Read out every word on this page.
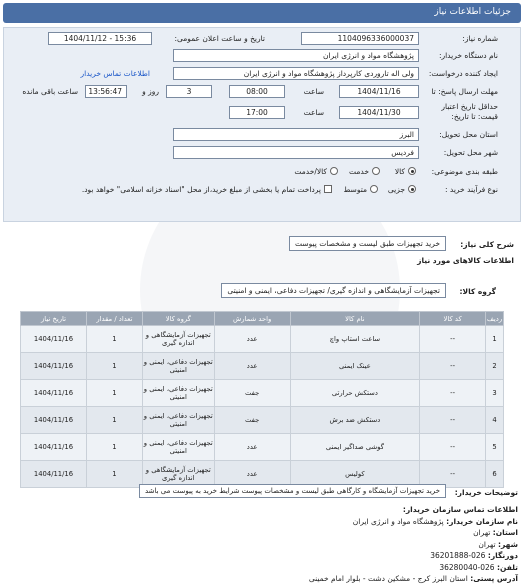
جزئیات اطلاعات نیاز
شماره نیاز:
1104096336000037
تاریخ و ساعت اعلان عمومی:
1404/11/12 - 15:36
نام دستگاه خریدار:
پژوهشگاه مواد و انرژی ایران
ایجاد کننده درخواست:
ولی اله تاروردی کارپرداز پژوهشگاه مواد و انرژی ایران
اطلاعات تماس خریدار
مهلت ارسال پاسخ: تا
1404/11/16
ساعت
08:00
3
روز و
13:56:47
ساعت باقی مانده
حداقل تاریخ اعتبار
قیمت: تا تاریخ:
1404/11/30
ساعت
17:00
استان محل تحویل:
البرز
شهر محل تحویل:
فردیس
طبقه بندی موضوعی:
کالا
خدمت
کالا/خدمت
نوع فرآیند خرید :
جزیی
متوسط
پرداخت تمام یا بخشی از مبلغ خرید،از محل "اسناد خزانه اسلامی" خواهد بود.
شرح کلی نیاز:
خرید تجهیزات طبق لیست و مشخصات پیوست
اطلاعات کالاهای مورد نیاز
گروه کالا:
تجهیزات آزمایشگاهی و اندازه گیری/ تجهیزات دفاعی، ایمنی و امنیتی
ردیف	کد کالا	نام کالا	واحد شمارش	گروه کالا	تعداد / مقدار	تاریخ نیاز
1	--	ساعت استاپ واچ	عدد	تجهیزات آزمایشگاهی و اندازه گیری	1	1404/11/16
2	--	عینک ایمنی	عدد	تجهیزات دفاعی، ایمنی و امنیتی	1	1404/11/16
3	--	دستکش حرارتی	جفت	تجهیزات دفاعی، ایمنی و امنیتی	1	1404/11/16
4	--	دستکش ضد برش	جفت	تجهیزات دفاعی، ایمنی و امنیتی	1	1404/11/16
5	--	گوشی صداگیر ایمنی	عدد	تجهیزات دفاعی، ایمنی و امنیتی	1	1404/11/16
6	--	کولیس	عدد	تجهیزات آزمایشگاهی و اندازه گیری	1	1404/11/16
توضیحات خریدار:
خرید تجهیزات آزمایشگاه و کارگاهی طبق لیست و مشخصات پیوست شرایط خرید به پیوست می باشد
اطلاعات تماس سازمان خریدار:
نام سازمان خریدار: پژوهشگاه مواد و انرژی ایران
استان: تهران
شهر: تهران
دورنگار: 026-36201888
تلفن: 026-36280040
آدرس پستی: استان البرز کرج - مشکین دشت - بلوار امام خمینی
